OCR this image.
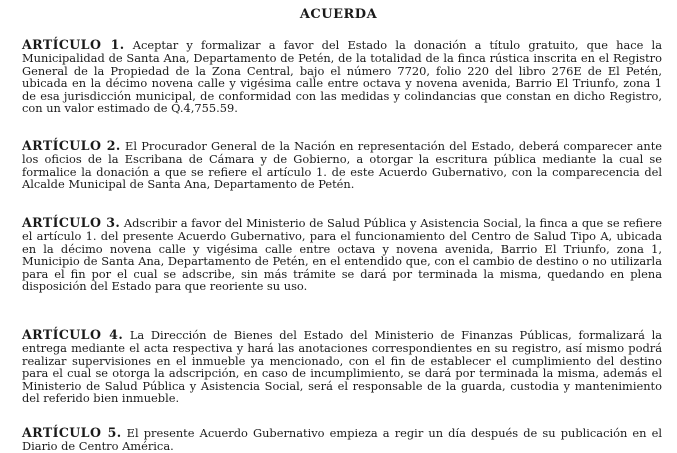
ACUERDA

ARTÍCULO 1. Aceptar y formalizar a favor del Estado la donación a título gratuito, que hace la Municipalidad de Santa Ana, Departamento de Petén, de la totalidad de la finca rústica inscrita en el Registro General de la Propiedad de la Zona Central, bajo el número 7720, folio 220 del libro 276E de El Petén, ubicada en la décimo novena calle y vigésima calle entre octava y novena avenida, Barrio El Triunfo, zona 1 de esa jurisdicción municipal, de conformidad con las medidas y colindancias que constan en dicho Registro, con un valor estimado de Q.4,755.59.

ARTÍCULO 2. El Procurador General de la Nación en representación del Estado, deberá comparecer ante los oficios de la Escribana de Cámara y de Gobierno, a otorgar la escritura pública mediante la cual se formalice la donación a que se refiere el artículo 1. de este Acuerdo Gubernativo, con la comparecencia del Alcalde Municipal de Santa Ana, Departamento de Petén.

ARTÍCULO 3. Adscribir a favor del Ministerio de Salud Pública y Asistencia Social, la finca a que se refiere el artículo 1. del presente Acuerdo Gubernativo, para el funcionamiento del Centro de Salud Tipo A, ubicada en la décimo novena calle y vigésima calle entre octava y novena avenida, Barrio El Triunfo, zona 1, Municipio de Santa Ana, Departamento de Petén, en el entendido que, con el cambio de destino o no utilizarla para el fin por el cual se adscribe, sin más trámite se dará por terminada la misma, quedando en plena disposición del Estado para que reoriente su uso.

ARTÍCULO 4. La Dirección de Bienes del Estado del Ministerio de Finanzas Públicas, formalizará la entrega mediante el acta respectiva y hará las anotaciones correspondientes en su registro, así mismo podrá realizar supervisiones en el inmueble ya mencionado, con el fin de establecer el cumplimiento del destino para el cual se otorga la adscripción, en caso de incumplimiento, se dará por terminada la misma, además el Ministerio de Salud Pública y Asistencia Social, será el responsable de la guarda, custodia y mantenimiento del referido bien inmueble.

ARTÍCULO 5. El presente Acuerdo Gubernativo empieza a regir un día después de su publicación en el Diario de Centro América.
